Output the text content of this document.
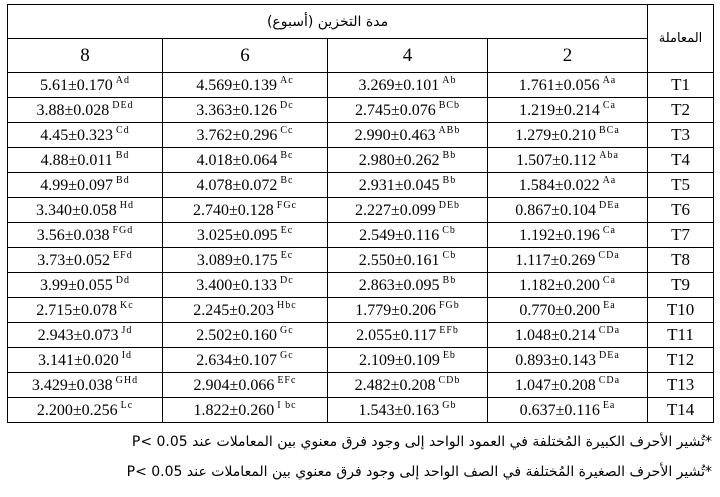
مدة التخزين (أسبوع)				المعاملة
8	6	4	2	
5.61±0.170 $^{Ad}$	4.569±0.139 $^{Ac}$	3.269±0.101 $^{Ab}$	1.761±0.056 $^{Aa}$	T1
3.88±0.028 $^{DEd}$	3.363±0.126 $^{Dc}$	2.745±0.076 $^{BCb}$	1.219±0.214 $^{Ca}$	T2
4.45±0.323 $^{Cd}$	3.762±0.296 $^{Cc}$	2.990±0.463 $^{ABb}$	1.279±0.210 $^{BCa}$	T3
4.88±0.011 $^{Bd}$	4.018±0.064 $^{Bc}$	2.980±0.262 $^{Bb}$	1.507±0.112 $^{Aba}$	T4
4.99±0.097 $^{Bd}$	4.078±0.072 $^{Bc}$	2.931±0.045 $^{Bb}$	1.584±0.022 $^{Aa}$	T5
3.340±0.058 $^{Hd}$	2.740±0.128 $^{FGc}$	2.227±0.099 $^{DEb}$	0.867±0.104 $^{DEa}$	T6
3.56±0.038 $^{FGd}$	3.025±0.095 $^{Ec}$	2.549±0.116 $^{Cb}$	1.192±0.196 $^{Ca}$	T7
3.73±0.052 $^{EFd}$	3.089±0.175 $^{Ec}$	2.550±0.161 $^{Cb}$	1.117±0.269 $^{CDa}$	T8
3.99±0.055 $^{Dd}$	3.400±0.133 $^{Dc}$	2.863±0.095 $^{Bb}$	1.182±0.200 $^{Ca}$	T9
2.715±0.078 $^{Kc}$	2.245±0.203 $^{Hbc}$	1.779±0.206 $^{FGb}$	0.770±0.200 $^{Ea}$	T10
2.943±0.073 $^{Jd}$	2.502±0.160 $^{Gc}$	2.055±0.117 $^{EFb}$	1.048±0.214 $^{CDa}$	T11
3.141±0.020 $^{Id}$	2.634±0.107 $^{Gc}$	2.109±0.109 $^{Eb}$	0.893±0.143 $^{DEa}$	T12
3.429±0.038 $^{GHd}$	2.904±0.066 $^{EFc}$	2.482±0.208 $^{CDb}$	1.047±0.208 $^{CDa}$	T13
2.200±0.256 $^{Lc}$	1.822±0.260 $^{I bc}$	1.543±0.163 $^{Gb}$	0.637±0.116 $^{Ea}$	T14
*تُشير الأحرف الكبيرة المُختلفة في العمود الواحد إلى وجود فرق معنوي بين المعاملات عند P< 0.05
*تُشير الأحرف الصغيرة المُختلفة في الصف الواحد إلى وجود فرق معنوي بين المعاملات عند P< 0.05
